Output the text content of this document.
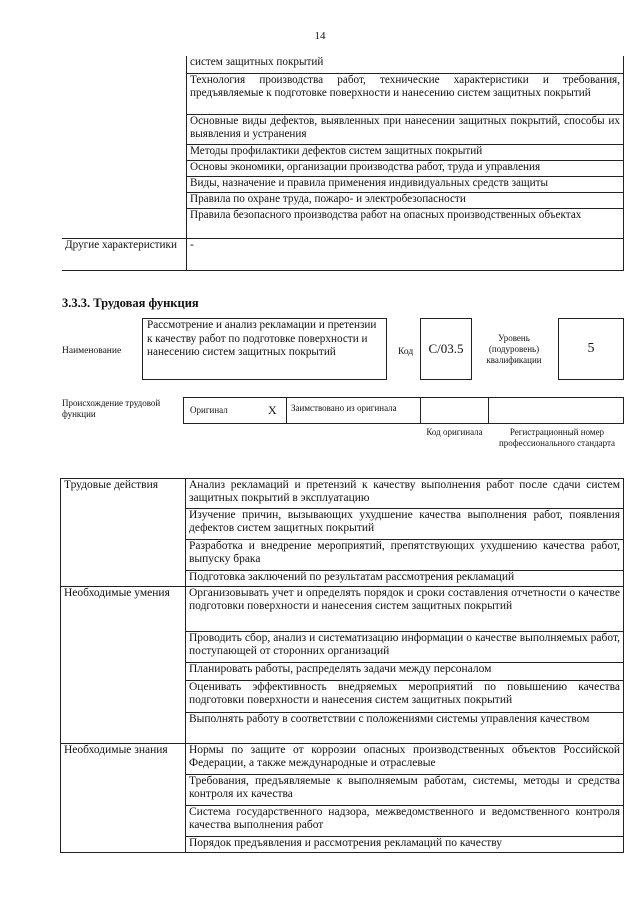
14
	систем защитных покрытий
	Технология производства работ, технические характеристики и требования, предъявляемые к подготовке поверхности и нанесению систем защитных покрытий
	Основные виды дефектов, выявленных при нанесении защитных покрытий, способы их выявления и устранения
	Методы профилактики дефектов систем защитных покрытий
	Основы экономики, организации производства работ, труда и управления
	Виды, назначение и правила применения индивидуальных средств защиты
	Правила по охране труда, пожаро- и электробезопасности
	Правила безопасного производства работ на опасных производственных объектах
Другие характеристики	-
3.3.3. Трудовая функция
Наименование
Рассмотрение и анализ рекламации и претензии к качеству работ по подготовке поверхности и нанесению систем защитных покрытий	Код	C/03.5
Уровень (подуровень) квалификации
5
Происхождение трудовой функции	Оригинал	X	Заимствовано из оригинала
Код оригинала	Регистрационный номер профессионального стандарта
Трудовые действия	Анализ рекламаций и претензий к качеству выполнения работ после сдачи систем защитных покрытий в эксплуатацию
	Изучение причин, вызывающих ухудшение качества выполнения работ, появления дефектов систем защитных покрытий
	Разработка и внедрение мероприятий, препятствующих ухудшению качества работ, выпуску брака
	Подготовка заключений по результатам рассмотрения рекламаций
Необходимые умения	Организовывать учет и определять порядок и сроки составления отчетности о качестве подготовки поверхности и нанесения систем защитных покрытий
	Проводить сбор, анализ и систематизацию информации о качестве выполняемых работ, поступающей от сторонних организаций
	Планировать работы, распределять задачи между персоналом
	Оценивать эффективность внедряемых мероприятий по повышению качества подготовки поверхности и нанесения систем защитных покрытий
	Выполнять работу в соответствии с положениями системы управления качеством
Необходимые знания	Нормы по защите от коррозии опасных производственных объектов Российской Федерации, а также международные и отраслевые
	Требования, предъявляемые к выполняемым работам, системы, методы и средства контроля их качества
	Система государственного надзора, межведомственного и ведомственного контроля качества выполнения работ
	Порядок предъявления и рассмотрения рекламаций по качеству
